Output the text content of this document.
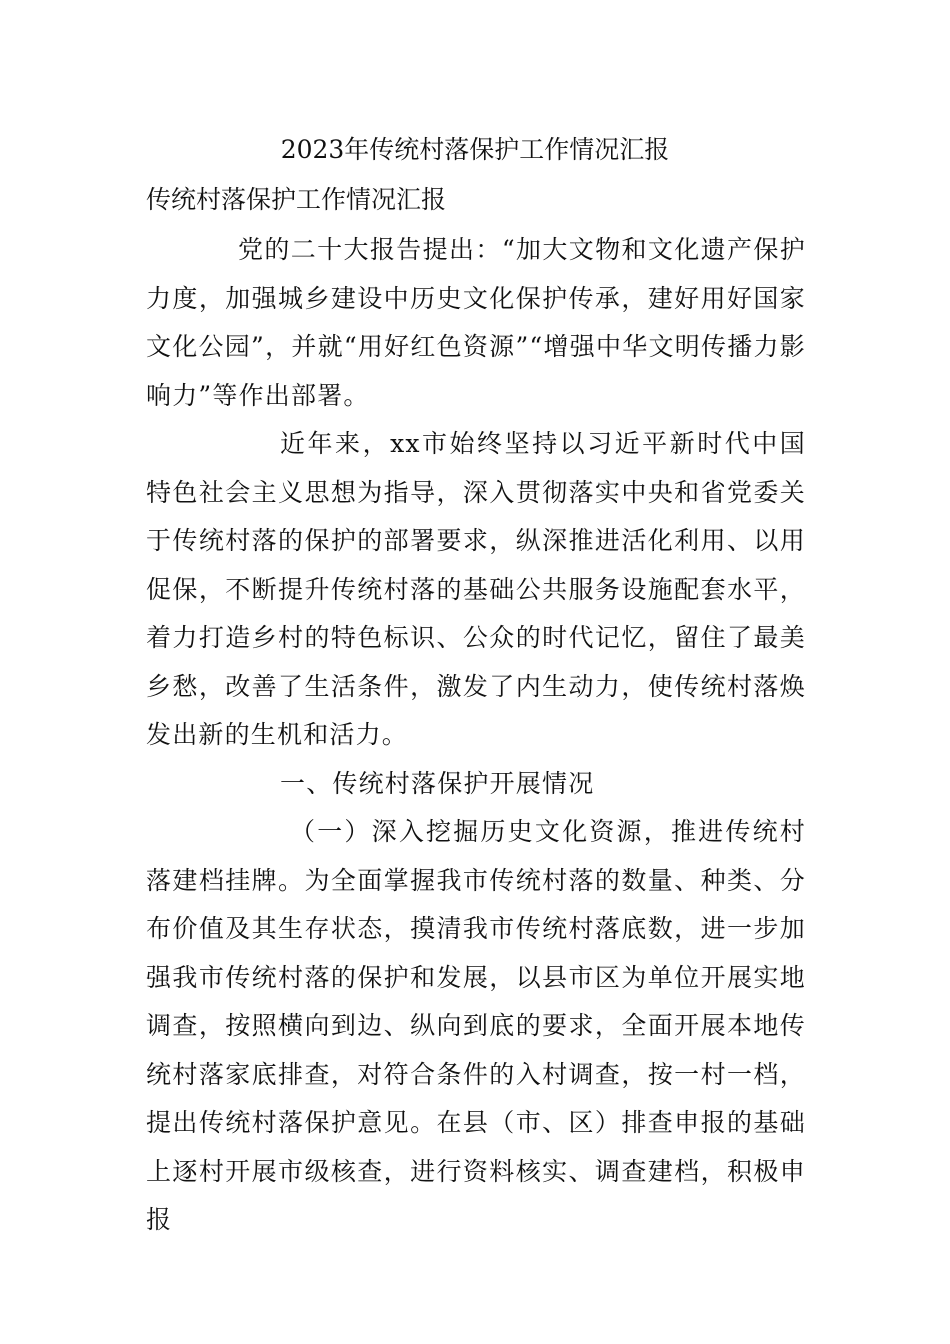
2023年传统村落保护工作情况汇报
传统村落保护工作情况汇报

党的二十大报告提出：“加大文物和文化遗产保护力度，加强城乡建设中历史文化保护传承，建好用好国家文化公园”，并就“用好红色资源”“增强中华文明传播力影响力”等作出部署。

近年来，xx市始终坚持以习近平新时代中国特色社会主义思想为指导，深入贯彻落实中央和省党委关于传统村落的保护的部署要求，纵深推进活化利用、以用促保，不断提升传统村落的基础公共服务设施配套水平，着力打造乡村的特色标识、公众的时代记忆，留住了最美乡愁，改善了生活条件，激发了内生动力，使传统村落焕发出新的生机和活力。

一、传统村落保护开展情况

（一）深入挖掘历史文化资源，推进传统村落建档挂牌。为全面掌握我市传统村落的数量、种类、分布价值及其生存状态，摸清我市传统村落底数，进一步加强我市传统村落的保护和发展，以县市区为单位开展实地调查，按照横向到边、纵向到底的要求，全面开展本地传统村落家底排查，对符合条件的入村调查，按一村一档，提出传统村落保护意见。在县（市、区）排查申报的基础上逐村开展市级核查，进行资料核实、调查建档，积极申报
